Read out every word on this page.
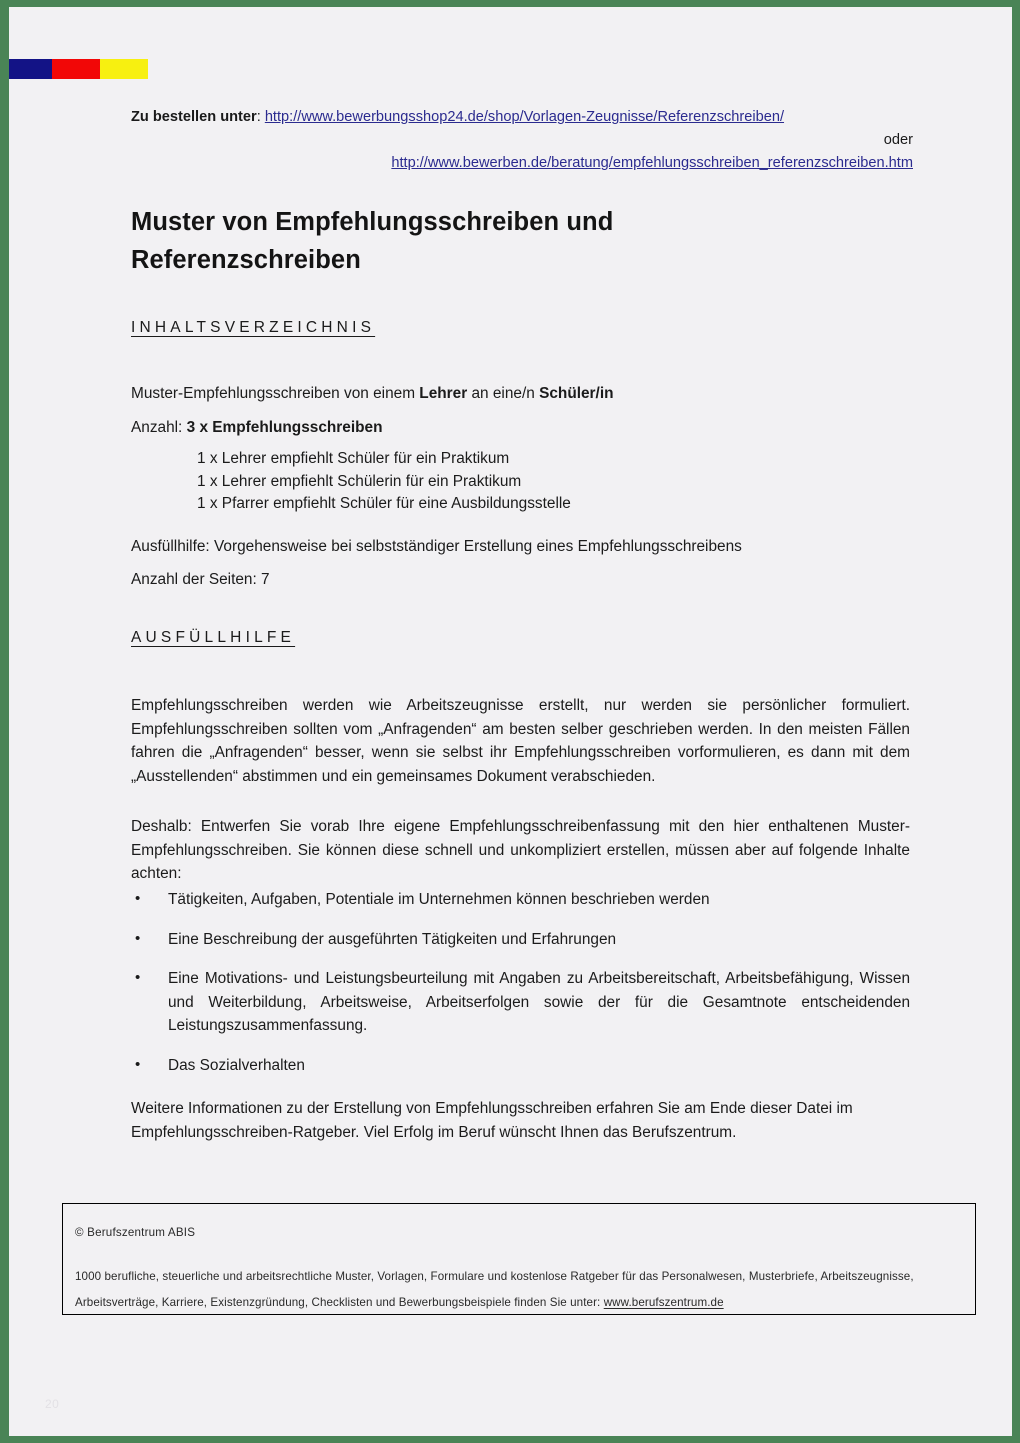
Zu bestellen unter: http://www.bewerbungsshop24.de/shop/Vorlagen-Zeugnisse/Referenzschreiben/
oder
http://www.bewerben.de/beratung/empfehlungsschreiben_referenzschreiben.htm
Muster von Empfehlungsschreiben und Referenzschreiben
INHALTSVERZEICHNIS

Muster-Empfehlungsschreiben von einem Lehrer an eine/n Schüler/in

Anzahl: 3 x Empfehlungsschreiben

1 x Lehrer empfiehlt Schüler für ein Praktikum
1 x Lehrer empfiehlt Schülerin für ein Praktikum
1 x Pfarrer empfiehlt Schüler für eine Ausbildungsstelle

Ausfüllhilfe: Vorgehensweise bei selbstständiger Erstellung eines Empfehlungsschreibens

Anzahl der Seiten: 7

AUSFÜLLHILFE

Empfehlungsschreiben werden wie Arbeitszeugnisse erstellt, nur werden sie persönlicher formuliert. Empfehlungsschreiben sollten vom „Anfragenden“ am besten selber geschrieben werden. In den meisten Fällen fahren die „Anfragenden“ besser, wenn sie selbst ihr Empfehlungsschreiben vorformulieren, es dann mit dem „Ausstellenden“ abstimmen und ein gemeinsames Dokument verabschieden.

Deshalb: Entwerfen Sie vorab Ihre eigene Empfehlungsschreibenfassung mit den hier enthaltenen Muster-Empfehlungsschreiben. Sie können diese schnell und unkompliziert erstellen, müssen aber auf folgende Inhalte achten:

• Tätigkeiten, Aufgaben, Potentiale im Unternehmen können beschrieben werden
• Eine Beschreibung der ausgeführten Tätigkeiten und Erfahrungen
• Eine Motivations- und Leistungsbeurteilung mit Angaben zu Arbeitsbereitschaft, Arbeitsbefähigung, Wissen und Weiterbildung, Arbeitsweise, Arbeitserfolgen sowie der für die Gesamtnote entscheidenden Leistungszusammenfassung.
• Das Sozialverhalten

Weitere Informationen zu der Erstellung von Empfehlungsschreiben erfahren Sie am Ende dieser Datei im Empfehlungsschreiben-Ratgeber. Viel Erfolg im Beruf wünscht Ihnen das Berufszentrum.

© Berufszentrum ABIS
1000 berufliche, steuerliche und arbeitsrechtliche Muster, Vorlagen, Formulare und kostenlose Ratgeber für das Personalwesen, Musterbriefe, Arbeitszeugnisse, Arbeitsverträge, Karriere, Existenzgründung, Checklisten und Bewerbungsbeispiele finden Sie unter: www.berufszentrum.de
20
